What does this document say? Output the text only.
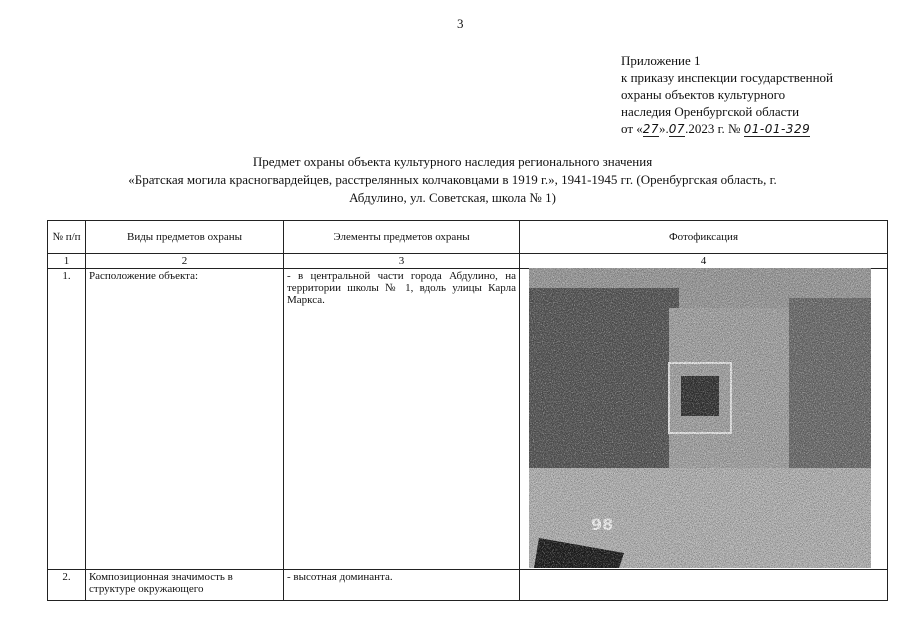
3
Приложение 1
к приказу инспекции государственной
охраны объектов культурного
наследия Оренбургской области
от «27».07.2023 г. № 01-01-329
Предмет охраны объекта культурного наследия регионального значения
«Братская могила красногвардейцев, расстрелянных колчаковцами в 1919 г.», 1941-1945 гг. (Оренбургская область, г.
Абдулино, ул. Советская, школа № 1)
№ п/п	Виды предметов охраны	Элементы предметов охраны	Фотофиксация
1	2	3	4
1.	Расположение объекта:	- в центральной части города Абдулино, на территории школы № 1, вдоль улицы Карла Маркса.	

2.	Композиционная значимость в структуре окружающего	- высотная доминанта.	
